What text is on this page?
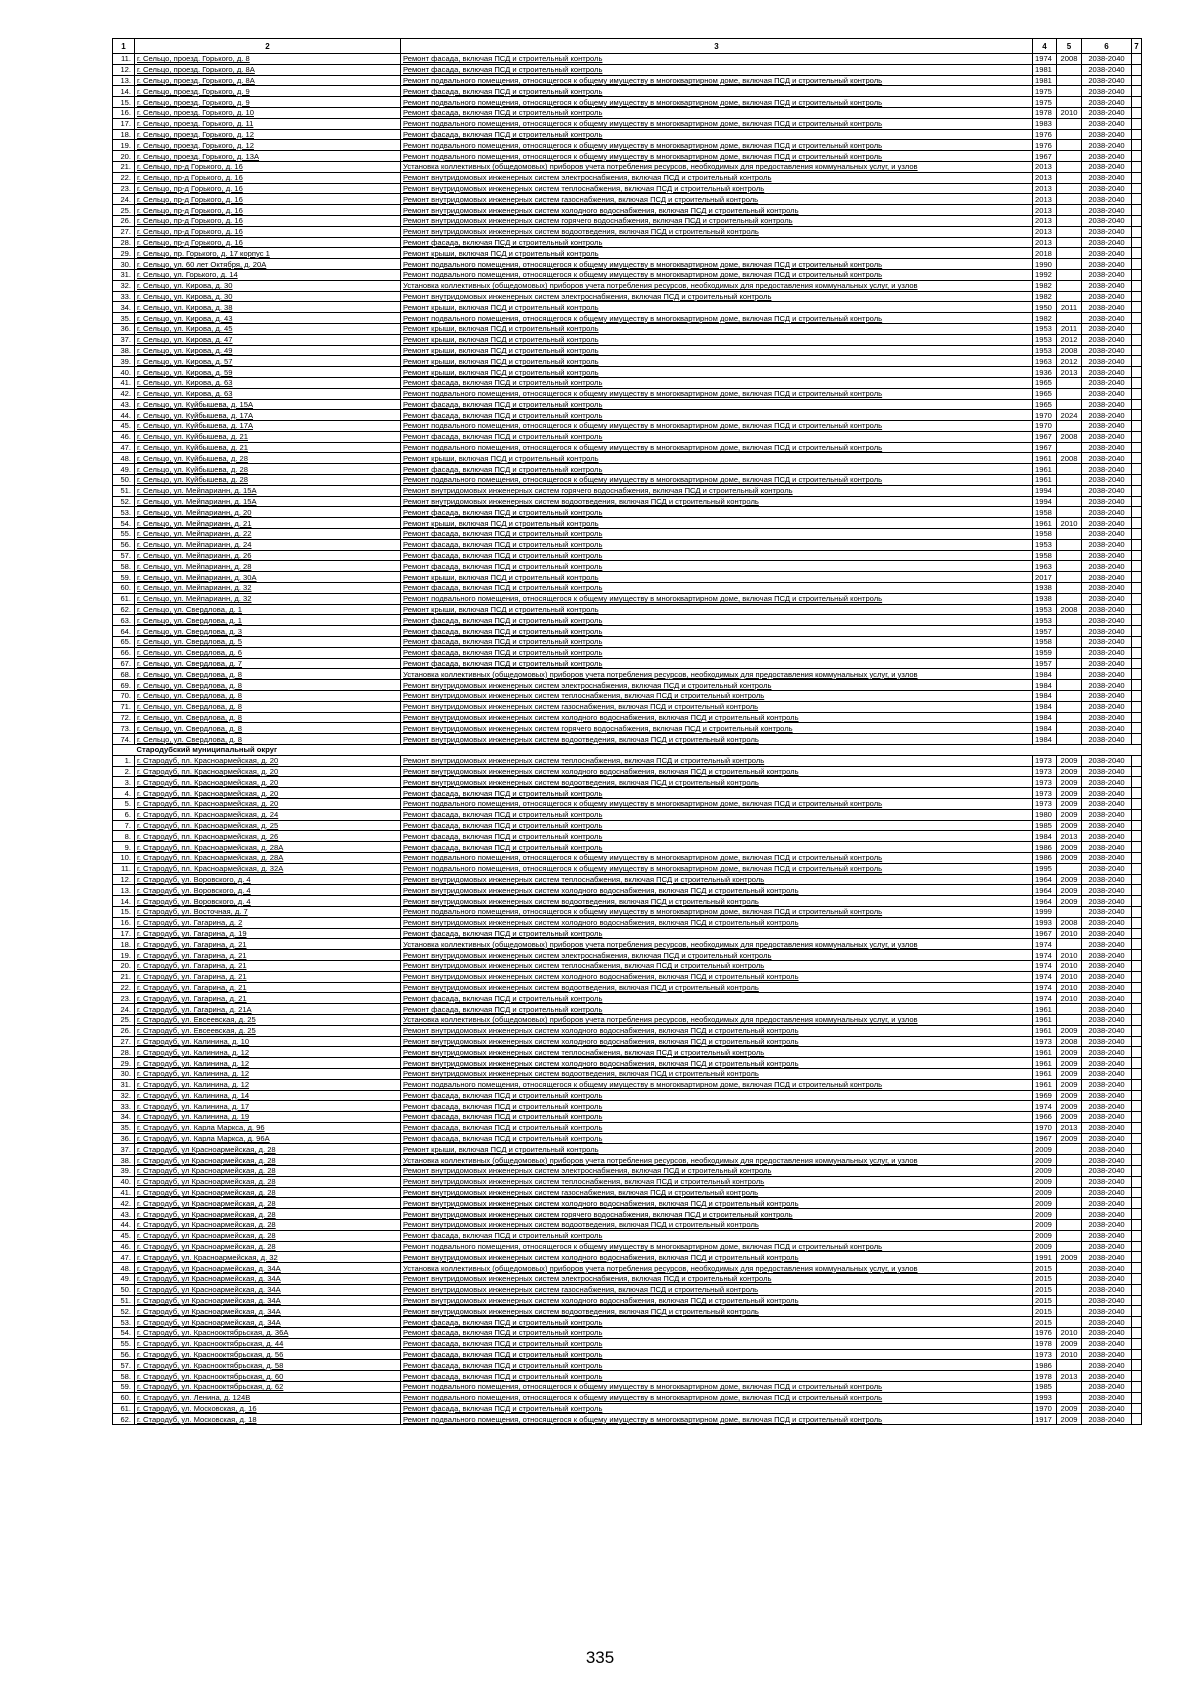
1	2	3	4	5	6	7
11.	г. Сельцо, проезд. Горького, д. 8	Ремонт фасада, включая ПСД и строительный контроль	1974	2008	2038-2040	
12.	г. Сельцо, проезд. Горького, д. 8А	Ремонт фасада, включая ПСД и строительный контроль	1981		2038-2040	
13.	г. Сельцо, проезд. Горького, д. 8А	Ремонт подвального помещения, относящегося к общему имуществу в многоквартирном доме, включая ПСД и строительный контроль	1981		2038-2040	
14.	г. Сельцо, проезд. Горького, д. 9	Ремонт фасада, включая ПСД и строительный контроль	1975		2038-2040	
15.	г. Сельцо, проезд. Горького, д. 9	Ремонт подвального помещения, относящегося к общему имуществу в многоквартирном доме, включая ПСД и строительный контроль	1975		2038-2040	
16.	г. Сельцо, проезд. Горького, д. 10	Ремонт фасада, включая ПСД и строительный контроль	1978	2010	2038-2040	
17.	г. Сельцо, проезд. Горького, д. 11	Ремонт подвального помещения, относящегося к общему имуществу в многоквартирном доме, включая ПСД и строительный контроль	1983		2038-2040	
18.	г. Сельцо, проезд. Горького, д. 12	Ремонт фасада, включая ПСД и строительный контроль	1976		2038-2040	
19.	г. Сельцо, проезд. Горького, д. 12	Ремонт подвального помещения, относящегося к общему имуществу в многоквартирном доме, включая ПСД и строительный контроль	1976		2038-2040	
20.	г. Сельцо, проезд. Горького, д. 13А	Ремонт подвального помещения, относящегося к общему имуществу в многоквартирном доме, включая ПСД и строительный контроль	1967		2038-2040	
21.	г. Сельцо, пр-д Горького, д. 16	Установка коллективных (общедомовых) приборов учета потребления ресурсов, необходимых для предоставления коммунальных услуг, и узлов	2013		2038-2040	
22.	г. Сельцо, пр-д Горького, д. 16	Ремонт внутридомовых инженерных систем электроснабжения, включая ПСД и строительный контроль	2013		2038-2040	
23.	г. Сельцо, пр-д Горького, д. 16	Ремонт внутридомовых инженерных систем теплоснабжения, включая ПСД и строительный контроль	2013		2038-2040	
24.	г. Сельцо, пр-д Горького, д. 16	Ремонт внутридомовых инженерных систем газоснабжения, включая ПСД и строительный контроль	2013		2038-2040	
25.	г. Сельцо, пр-д Горького, д. 16	Ремонт внутридомовых инженерных систем холодного водоснабжения, включая ПСД и строительный контроль	2013		2038-2040	
26.	г. Сельцо, пр-д Горького, д. 16	Ремонт внутридомовых инженерных систем горячего водоснабжения, включая ПСД и строительный контроль	2013		2038-2040	
27.	г. Сельцо, пр-д Горького, д. 16	Ремонт внутридомовых инженерных систем водоотведения, включая ПСД и строительный контроль	2013		2038-2040	
28.	г. Сельцо, пр-д Горького, д. 16	Ремонт фасада, включая ПСД и строительный контроль	2013		2038-2040	
29.	г. Сельцо, пр. Горького, д. 17 корпус 1	Ремонт крыши, включая ПСД и строительный контроль	2018		2038-2040	
30.	г. Сельцо, ул. 60 лет Октября, д. 20А	Ремонт подвального помещения, относящегося к общему имуществу в многоквартирном доме, включая ПСД и строительный контроль	1990		2038-2040	
31.	г. Сельцо, ул. Горького, д. 14	Ремонт подвального помещения, относящегося к общему имуществу в многоквартирном доме, включая ПСД и строительный контроль	1992		2038-2040	
32.	г. Сельцо, ул. Кирова, д. 30	Установка коллективных (общедомовых) приборов учета потребления ресурсов, необходимых для предоставления коммунальных услуг, и узлов	1982		2038-2040	
33.	г. Сельцо, ул. Кирова, д. 30	Ремонт внутридомовых инженерных систем электроснабжения, включая ПСД и строительный контроль	1982		2038-2040	
34.	г. Сельцо, ул. Кирова, д. 38	Ремонт крыши, включая ПСД и строительный контроль	1950	2011	2038-2040	
35.	г. Сельцо, ул. Кирова, д. 43	Ремонт подвального помещения, относящегося к общему имуществу в многоквартирном доме, включая ПСД и строительный контроль	1982		2038-2040	
36.	г. Сельцо, ул. Кирова, д. 45	Ремонт крыши, включая ПСД и строительный контроль	1953	2011	2038-2040	
37.	г. Сельцо, ул. Кирова, д. 47	Ремонт крыши, включая ПСД и строительный контроль	1953	2012	2038-2040	
38.	г. Сельцо, ул. Кирова, д. 49	Ремонт крыши, включая ПСД и строительный контроль	1953	2008	2038-2040	
39.	г. Сельцо, ул. Кирова, д. 57	Ремонт крыши, включая ПСД и строительный контроль	1963	2012	2038-2040	
40.	г. Сельцо, ул. Кирова, д. 59	Ремонт крыши, включая ПСД и строительный контроль	1936	2013	2038-2040	
41.	г. Сельцо, ул. Кирова, д. 63	Ремонт фасада, включая ПСД и строительный контроль	1965		2038-2040	
42.	г. Сельцо, ул. Кирова, д. 63	Ремонт подвального помещения, относящегося к общему имуществу в многоквартирном доме, включая ПСД и строительный контроль	1965		2038-2040	
43.	г. Сельцо, ул. Куйбышева, д. 15А	Ремонт фасада, включая ПСД и строительный контроль	1965		2038-2040	
44.	г. Сельцо, ул. Куйбышева, д. 17А	Ремонт фасада, включая ПСД и строительный контроль	1970	2024	2038-2040	
45.	г. Сельцо, ул. Куйбышева, д. 17А	Ремонт подвального помещения, относящегося к общему имуществу в многоквартирном доме, включая ПСД и строительный контроль	1970		2038-2040	
46.	г. Сельцо, ул. Куйбышева, д. 21	Ремонт фасада, включая ПСД и строительный контроль	1967	2008	2038-2040	
47.	г. Сельцо, ул. Куйбышева, д. 21	Ремонт подвального помещения, относящегося к общему имуществу в многоквартирном доме, включая ПСД и строительный контроль	1967		2038-2040	
48.	г. Сельцо, ул. Куйбышева, д. 28	Ремонт крыши, включая ПСД и строительный контроль	1961	2008	2038-2040	
49.	г. Сельцо, ул. Куйбышева, д. 28	Ремонт фасада, включая ПСД и строительный контроль	1961		2038-2040	
50.	г. Сельцо, ул. Куйбышева, д. 28	Ремонт подвального помещения, относящегося к общему имуществу в многоквартирном доме, включая ПСД и строительный контроль	1961		2038-2040	
51.	г. Сельцо, ул. Мейпарианн, д. 15А	Ремонт внутридомовых инженерных систем горячего водоснабжения, включая ПСД и строительный контроль	1994		2038-2040	
52.	г. Сельцо, ул. Мейпарианн, д. 15А	Ремонт внутридомовых инженерных систем водоотведения, включая ПСД и строительный контроль	1994		2038-2040	
53.	г. Сельцо, ул. Мейпарианн, д. 20	Ремонт фасада, включая ПСД и строительный контроль	1958		2038-2040	
54.	г. Сельцо, ул. Мейпарианн, д. 21	Ремонт крыши, включая ПСД и строительный контроль	1961	2010	2038-2040	
55.	г. Сельцо, ул. Мейпарианн, д. 22	Ремонт фасада, включая ПСД и строительный контроль	1958		2038-2040	
56.	г. Сельцо, ул. Мейпарианн, д. 24	Ремонт фасада, включая ПСД и строительный контроль	1953		2038-2040	
57.	г. Сельцо, ул. Мейпарианн, д. 26	Ремонт фасада, включая ПСД и строительный контроль	1958		2038-2040	
58.	г. Сельцо, ул. Мейпарианн, д. 28	Ремонт фасада, включая ПСД и строительный контроль	1963		2038-2040	
59.	г. Сельцо, ул. Мейпарианн, д. 30А	Ремонт крыши, включая ПСД и строительный контроль	2017		2038-2040	
60.	г. Сельцо, ул. Мейпарианн, д. 32	Ремонт фасада, включая ПСД и строительный контроль	1938		2038-2040	
61.	г. Сельцо, ул. Мейпарианн, д. 32	Ремонт подвального помещения, относящегося к общему имуществу в многоквартирном доме, включая ПСД и строительный контроль	1938		2038-2040	
62.	г. Сельцо, ул. Свердлова, д. 1	Ремонт крыши, включая ПСД и строительный контроль	1953	2008	2038-2040	
63.	г. Сельцо, ул. Свердлова, д. 1	Ремонт фасада, включая ПСД и строительный контроль	1953		2038-2040	
64.	г. Сельцо, ул. Свердлова, д. 3	Ремонт фасада, включая ПСД и строительный контроль	1957		2038-2040	
65.	г. Сельцо, ул. Свердлова, д. 5	Ремонт фасада, включая ПСД и строительный контроль	1958		2038-2040	
66.	г. Сельцо, ул. Свердлова, д. 6	Ремонт фасада, включая ПСД и строительный контроль	1959		2038-2040	
67.	г. Сельцо, ул. Свердлова, д. 7	Ремонт фасада, включая ПСД и строительный контроль	1957		2038-2040	
68.	г. Сельцо, ул. Свердлова, д. 8	Установка коллективных (общедомовых) приборов учета потребления ресурсов, необходимых для предоставления коммунальных услуг, и узлов	1984		2038-2040	
69.	г. Сельцо, ул. Свердлова, д. 8	Ремонт внутридомовых инженерных систем электроснабжения, включая ПСД и строительный контроль	1984		2038-2040	
70.	г. Сельцо, ул. Свердлова, д. 8	Ремонт внутридомовых инженерных систем теплоснабжения, включая ПСД и строительный контроль	1984		2038-2040	
71.	г. Сельцо, ул. Свердлова, д. 8	Ремонт внутридомовых инженерных систем газоснабжения, включая ПСД и строительный контроль	1984		2038-2040	
72.	г. Сельцо, ул. Свердлова, д. 8	Ремонт внутридомовых инженерных систем холодного водоснабжения, включая ПСД и строительный контроль	1984		2038-2040	
73.	г. Сельцо, ул. Свердлова, д. 8	Ремонт внутридомовых инженерных систем горячего водоснабжения, включая ПСД и строительный контроль	1984		2038-2040	
74.	г. Сельцо, ул. Свердлова, д. 8	Ремонт внутридомовых инженерных систем водоотведения, включая ПСД и строительный контроль	1984		2038-2040	
	Стародубский муниципальный округ					
1.	г. Стародуб, пл. Красноармейская, д. 20	Ремонт внутридомовых инженерных систем теплоснабжения, включая ПСД и строительный контроль	1973	2009	2038-2040	
2.	г. Стародуб, пл. Красноармейская, д. 20	Ремонт внутридомовых инженерных систем холодного водоснабжения, включая ПСД и строительный контроль	1973	2009	2038-2040	
3.	г. Стародуб, пл. Красноармейская, д. 20	Ремонт внутридомовых инженерных систем водоотведения, включая ПСД и строительный контроль	1973	2009	2038-2040	
4.	г. Стародуб, пл. Красноармейская, д. 20	Ремонт фасада, включая ПСД и строительный контроль	1973	2009	2038-2040	
5.	г. Стародуб, пл. Красноармейская, д. 20	Ремонт подвального помещения, относящегося к общему имуществу в многоквартирном доме, включая ПСД и строительный контроль	1973	2009	2038-2040	
6.	г. Стародуб, пл. Красноармейская, д. 24	Ремонт фасада, включая ПСД и строительный контроль	1980	2009	2038-2040	
7.	г. Стародуб, пл. Красноармейская, д. 25	Ремонт фасада, включая ПСД и строительный контроль	1985	2009	2038-2040	
8.	г. Стародуб, пл. Красноармейская, д. 26	Ремонт фасада, включая ПСД и строительный контроль	1984	2013	2038-2040	
9.	г. Стародуб, пл. Красноармейская, д. 28А	Ремонт фасада, включая ПСД и строительный контроль	1986	2009	2038-2040	
10.	г. Стародуб, пл. Красноармейская, д. 28А	Ремонт подвального помещения, относящегося к общему имуществу в многоквартирном доме, включая ПСД и строительный контроль	1986	2009	2038-2040	
11.	г. Стародуб, пл. Красноармейская, д. 32А	Ремонт подвального помещения, относящегося к общему имуществу в многоквартирном доме, включая ПСД и строительный контроль	1995		2038-2040	
12.	г. Стародуб, ул. Воровского, д. 4	Ремонт внутридомовых инженерных систем теплоснабжения, включая ПСД и строительный контроль	1964	2009	2038-2040	
13.	г. Стародуб, ул. Воровского, д. 4	Ремонт внутридомовых инженерных систем холодного водоснабжения, включая ПСД и строительный контроль	1964	2009	2038-2040	
14.	г. Стародуб, ул. Воровского, д. 4	Ремонт внутридомовых инженерных систем водоотведения, включая ПСД и строительный контроль	1964	2009	2038-2040	
15.	г. Стародуб, ул. Восточная, д. 7	Ремонт подвального помещения, относящегося к общему имуществу в многоквартирном доме, включая ПСД и строительный контроль	1999		2038-2040	
16.	г. Стародуб, ул. Гагарина, д. 2	Ремонт внутридомовых инженерных систем холодного водоснабжения, включая ПСД и строительный контроль	1993	2008	2038-2040	
17.	г. Стародуб, ул. Гагарина, д. 19	Ремонт фасада, включая ПСД и строительный контроль	1967	2010	2038-2040	
18.	г. Стародуб, ул. Гагарина, д. 21	Установка коллективных (общедомовых) приборов учета потребления ресурсов, необходимых для предоставления коммунальных услуг, и узлов	1974		2038-2040	
19.	г. Стародуб, ул. Гагарина, д. 21	Ремонт внутридомовых инженерных систем электроснабжения, включая ПСД и строительный контроль	1974	2010	2038-2040	
20.	г. Стародуб, ул. Гагарина, д. 21	Ремонт внутридомовых инженерных систем теплоснабжения, включая ПСД и строительный контроль	1974	2010	2038-2040	
21.	г. Стародуб, ул. Гагарина, д. 21	Ремонт внутридомовых инженерных систем холодного водоснабжения, включая ПСД и строительный контроль	1974	2010	2038-2040	
22.	г. Стародуб, ул. Гагарина, д. 21	Ремонт внутридомовых инженерных систем водоотведения, включая ПСД и строительный контроль	1974	2010	2038-2040	
23.	г. Стародуб, ул. Гагарина, д. 21	Ремонт фасада, включая ПСД и строительный контроль	1974	2010	2038-2040	
24.	г. Стародуб, ул. Гагарина, д. 21А	Ремонт фасада, включая ПСД и строительный контроль	1961		2038-2040	
25.	г. Стародуб, ул. Евсеевская, д. 25	Установка коллективных (общедомовых) приборов учета потребления ресурсов, необходимых для предоставления коммунальных услуг, и узлов	1961		2038-2040	
26.	г. Стародуб, ул. Евсеевская, д. 25	Ремонт внутридомовых инженерных систем холодного водоснабжения, включая ПСД и строительный контроль	1961	2009	2038-2040	
27.	г. Стародуб, ул. Калинина, д. 10	Ремонт внутридомовых инженерных систем холодного водоснабжения, включая ПСД и строительный контроль	1973	2008	2038-2040	
28.	г. Стародуб, ул. Калинина, д. 12	Ремонт внутридомовых инженерных систем теплоснабжения, включая ПСД и строительный контроль	1961	2009	2038-2040	
29.	г. Стародуб, ул. Калинина, д. 12	Ремонт внутридомовых инженерных систем холодного водоснабжения, включая ПСД и строительный контроль	1961	2009	2038-2040	
30.	г. Стародуб, ул. Калинина, д. 12	Ремонт внутридомовых инженерных систем водоотведения, включая ПСД и строительный контроль	1961	2009	2038-2040	
31.	г. Стародуб, ул. Калинина, д. 12	Ремонт подвального помещения, относящегося к общему имуществу в многоквартирном доме, включая ПСД и строительный контроль	1961	2009	2038-2040	
32.	г. Стародуб, ул. Калинина, д. 14	Ремонт фасада, включая ПСД и строительный контроль	1969	2009	2038-2040	
33.	г. Стародуб, ул. Калинина, д. 17	Ремонт фасада, включая ПСД и строительный контроль	1974	2009	2038-2040	
34.	г. Стародуб, ул. Калинина, д. 19	Ремонт фасада, включая ПСД и строительный контроль	1966	2009	2038-2040	
35.	г. Стародуб, ул. Карла Маркса, д. 96	Ремонт фасада, включая ПСД и строительный контроль	1970	2013	2038-2040	
36.	г. Стародуб, ул. Карла Маркса, д. 96А	Ремонт фасада, включая ПСД и строительный контроль	1967	2009	2038-2040	
37.	г. Стародуб, ул Красноармейская, д. 28	Ремонт крыши, включая ПСД и строительный контроль	2009		2038-2040	
38.	г. Стародуб, ул Красноармейская, д. 28	Установка коллективных (общедомовых) приборов учета потребления ресурсов, необходимых для предоставления коммунальных услуг, и узлов	2009		2038-2040	
39.	г. Стародуб, ул Красноармейская, д. 28	Ремонт внутридомовых инженерных систем электроснабжения, включая ПСД и строительный контроль	2009		2038-2040	
40.	г. Стародуб, ул Красноармейская, д. 28	Ремонт внутридомовых инженерных систем теплоснабжения, включая ПСД и строительный контроль	2009		2038-2040	
41.	г. Стародуб, ул Красноармейская, д. 28	Ремонт внутридомовых инженерных систем газоснабжения, включая ПСД и строительный контроль	2009		2038-2040	
42.	г. Стародуб, ул Красноармейская, д. 28	Ремонт внутридомовых инженерных систем холодного водоснабжения, включая ПСД и строительный контроль	2009		2038-2040	
43.	г. Стародуб, ул Красноармейская, д. 28	Ремонт внутридомовых инженерных систем горячего водоснабжения, включая ПСД и строительный контроль	2009		2038-2040	
44.	г. Стародуб, ул Красноармейская, д. 28	Ремонт внутридомовых инженерных систем водоотведения, включая ПСД и строительный контроль	2009		2038-2040	
45.	г. Стародуб, ул Красноармейская, д. 28	Ремонт фасада, включая ПСД и строительный контроль	2009		2038-2040	
46.	г. Стародуб, ул Красноармейская, д. 28	Ремонт подвального помещения, относящегося к общему имуществу в многоквартирном доме, включая ПСД и строительный контроль	2009		2038-2040	
47.	г. Стародуб, ул. Красноармейская, д. 32	Ремонт внутридомовых инженерных систем холодного водоснабжения, включая ПСД и строительный контроль	1991	2009	2038-2040	
48.	г. Стародуб, ул Красноармейская, д. 34А	Установка коллективных (общедомовых) приборов учета потребления ресурсов, необходимых для предоставления коммунальных услуг, и узлов	2015		2038-2040	
49.	г. Стародуб, ул Красноармейская, д. 34А	Ремонт внутридомовых инженерных систем электроснабжения, включая ПСД и строительный контроль	2015		2038-2040	
50.	г. Стародуб, ул Красноармейская, д. 34А	Ремонт внутридомовых инженерных систем газоснабжения, включая ПСД и строительный контроль	2015		2038-2040	
51.	г. Стародуб, ул Красноармейская, д. 34А	Ремонт внутридомовых инженерных систем холодного водоснабжения, включая ПСД и строительный контроль	2015		2038-2040	
52.	г. Стародуб, ул Красноармейская, д. 34А	Ремонт внутридомовых инженерных систем водоотведения, включая ПСД и строительный контроль	2015		2038-2040	
53.	г. Стародуб, ул Красноармейская, д. 34А	Ремонт фасада, включая ПСД и строительный контроль	2015		2038-2040	
54.	г. Стародуб, ул. Краснооктябрьская, д. 36А	Ремонт фасада, включая ПСД и строительный контроль	1976	2010	2038-2040	
55.	г. Стародуб, ул. Краснооктябрьская, д. 44	Ремонт фасада, включая ПСД и строительный контроль	1978	2009	2038-2040	
56.	г. Стародуб, ул. Краснооктябрьская, д. 56	Ремонт фасада, включая ПСД и строительный контроль	1973	2010	2038-2040	
57.	г. Стародуб, ул. Краснооктябрьская, д. 58	Ремонт фасада, включая ПСД и строительный контроль	1986		2038-2040	
58.	г. Стародуб, ул. Краснооктябрьская, д. 60	Ремонт фасада, включая ПСД и строительный контроль	1978	2013	2038-2040	
59.	г. Стародуб, ул. Краснооктябрьская, д. 62	Ремонт подвального помещения, относящегося к общему имуществу в многоквартирном доме, включая ПСД и строительный контроль	1985		2038-2040	
60.	г. Стародуб, ул. Ленина, д. 124В	Ремонт подвального помещения, относящегося к общему имуществу в многоквартирном доме, включая ПСД и строительный контроль	1993		2038-2040	
61.	г. Стародуб, ул. Московская, д. 16	Ремонт фасада, включая ПСД и строительный контроль	1970	2009	2038-2040	
62.	г. Стародуб, ул. Московская, д. 18	Ремонт подвального помещения, относящегося к общему имуществу в многоквартирном доме, включая ПСД и строительный контроль	1917	2009	2038-2040	
335
